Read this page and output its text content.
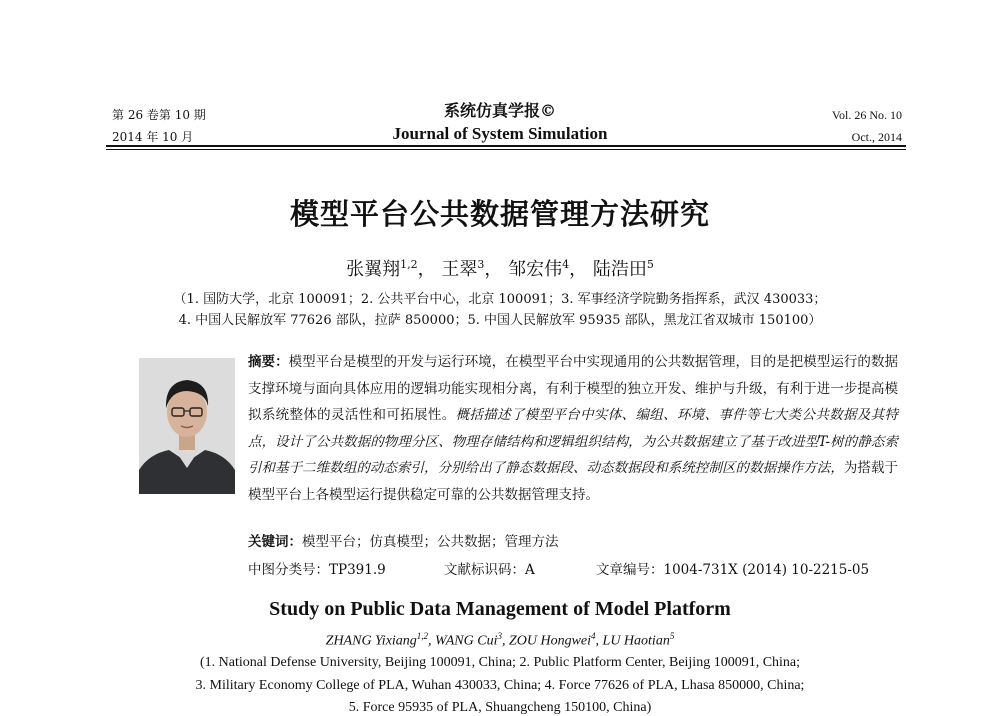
第 26 卷第 10 期
2014 年 10 月
系统仿真学报©
Journal of System Simulation
Vol. 26 No. 10
Oct., 2014
模型平台公共数据管理方法研究
张翼翔$^{1,2}$， 王翠$^3$， 邹宏伟$^4$， 陆浩田$^5$
（1. 国防大学，北京 100091；2. 公共平台中心，北京 100091；3. 军事经济学院勤务指挥系，武汉 430033；
4. 中国人民解放军 77626 部队，拉萨 850000；5. 中国人民解放军 95935 部队，黑龙江省双城市 150100）
摘要：模型平台是模型的开发与运行环境，在模型平台中实现通用的公共数据管理，目的是把模型运行的数据支撑环境与面向具体应用的逻辑功能实现相分离，有利于模型的独立开发、维护与升级，有利于进一步提高模拟系统整体的灵活性和可拓展性。概括描述了模型平台中实体、编组、环境、事件等七大类公共数据及其特点，设计了公共数据的物理分区、物理存储结构和逻辑组织结构，为公共数据建立了基于改进型T-树的静态索引和基于二维数组的动态索引，分别给出了静态数据段、动态数据段和系统控制区的数据操作方法，为搭载于模型平台上各模型运行提供稳定可靠的公共数据管理支持。
关键词：模型平台；仿真模型；公共数据；管理方法
中图分类号：TP391.9	文献标识码：A	文章编号：1004-731X (2014) 10-2215-05
Study on Public Data Management of Model Platform
ZHANG Yixiang$^{1,2}$, WANG Cui$^3$, ZOU Hongwei$^4$, LU Haotian$^5$
(1. National Defense University, Beijing 100091, China; 2. Public Platform Center, Beijing 100091, China;
3. Military Economy College of PLA, Wuhan 430033, China; 4. Force 77626 of PLA, Lhasa 850000, China;
5. Force 95935 of PLA, Shuangcheng 150100, China)
